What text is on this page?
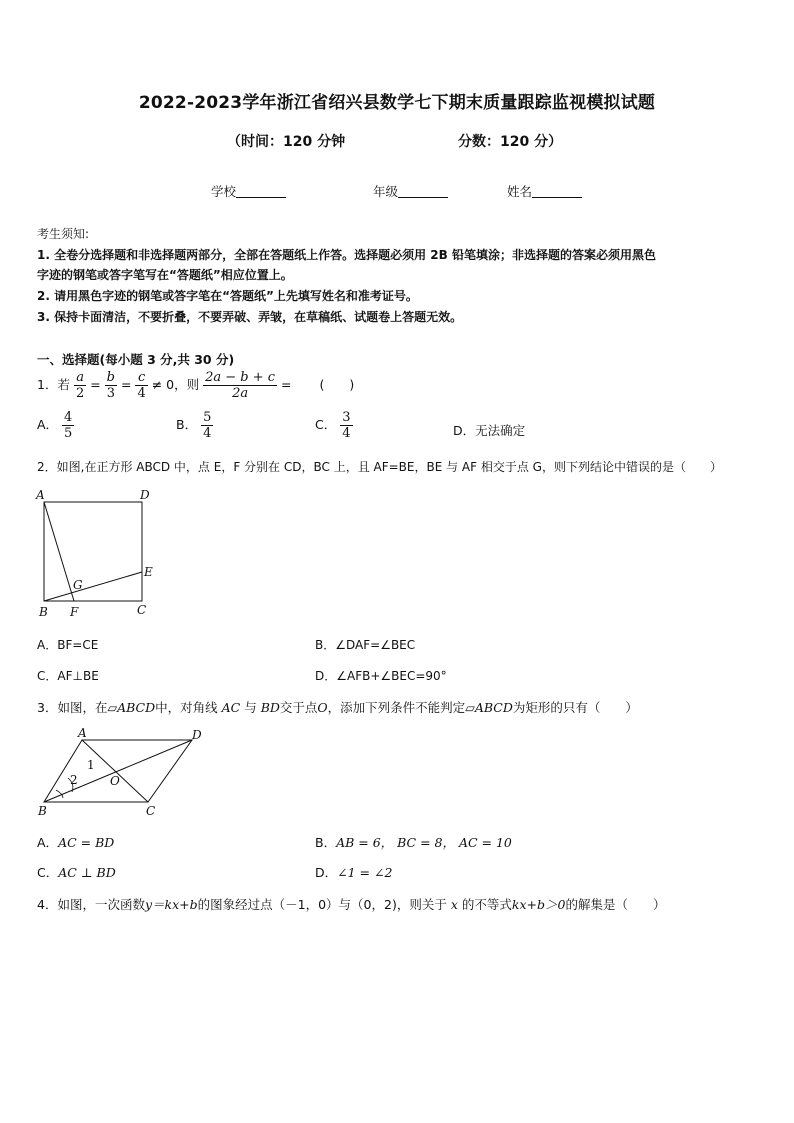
2022-2023学年浙江省绍兴县数学七下期末质量跟踪监视模拟试题
（时间：120 分钟	分数：120 分）
学校	年级	姓名
考生须知:
1. 全卷分选择题和非选择题两部分，全部在答题纸上作答。选择题必须用 2B 铅笔填涂；非选择题的答案必须用黑色
字迹的钢笔或答字笔写在“答题纸”相应位置上。
2. 请用黑色字迹的钢笔或答字笔在“答题纸”上先填写姓名和准考证号。
3. 保持卡面清洁，不要折叠，不要弄破、弄皱，在草稿纸、试题卷上答题无效。
一、选择题(每小题 3 分,共 30 分)
1．若 $\frac{a}{2} = \frac{b}{3} = \frac{c}{4} \ne 0$，则 $\frac{2a - b + c}{2a}$ = (　　)
A． $\frac{4}{5}$	B． $\frac{5}{4}$	C． $\frac{3}{4}$	D．无法确定
2．如图,在正方形 ABCD 中，点 E，F 分别在 CD，BC 上，且 AF=BE，BE 与 AF 相交于点 G，则下列结论中错误的是（　　）
A	D
B F	C
E
G
A．BF=CE	B．∠DAF=∠BEC
C．AF⊥BE	D．∠AFB+∠BEC=90°
3．如图，在▱ABCD中，对角线 AC 与 BD交于点O，添加下列条件不能判定▱ABCD为矩形的只有（　　）
A	D
B	C
O
1
2
A．AC = BD	B．AB = 6， BC = 8， AC = 10
C．AC ⊥ BD	D．∠1 = ∠2
4．如图，一次函数y＝kx+b的图象经过点（－1，0）与（0，2)，则关于 x 的不等式kx+b＞0的解集是（　　）
